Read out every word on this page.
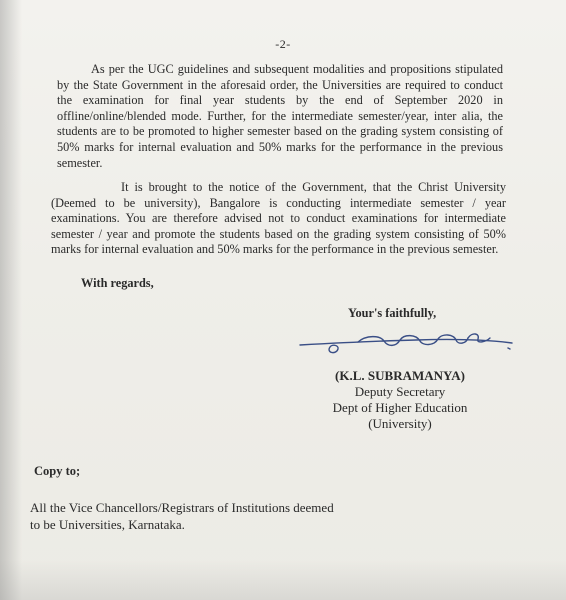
-2-

As per the UGC guidelines and subsequent modalities and propositions stipulated by the State Government in the aforesaid order, the Universities are required to conduct the examination for final year students by the end of September 2020 in offline/online/blended mode. Further, for the intermediate semester/year, inter alia, the students are to be promoted to higher semester based on the grading system consisting of 50% marks for internal evaluation and 50% marks for the performance in the previous semester.

It is brought to the notice of the Government, that the Christ University (Deemed to be university), Bangalore is conducting intermediate semester / year examinations. You are therefore advised not to conduct examinations for intermediate semester / year and promote the students based on the grading system consisting of 50% marks for internal evaluation and 50% marks for the performance in the previous semester.

With regards,
Your's faithfully,
(K.L. SUBRAMANYA)
Deputy Secretary
Dept of Higher Education
(University)
Copy to;
All the Vice Chancellors/Registrars of Institutions deemed to be Universities, Karnataka.
